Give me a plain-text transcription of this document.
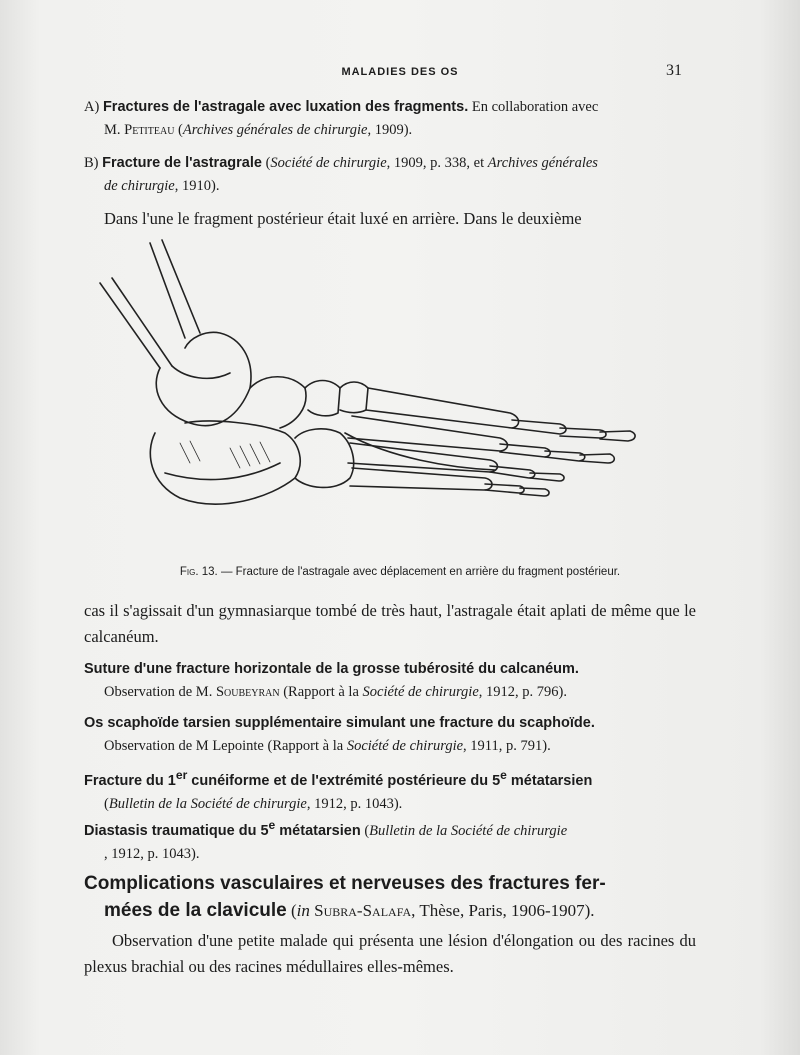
MALADIES DES OS	31
A) Fractures de l'astragale avec luxation des fragments. En collaboration avec
M. Petiteau (Archives générales de chirurgie, 1909).
B) Fracture de l'astragrale (Société de chirurgie, 1909, p. 338, et Archives générales
de chirurgie, 1910).
Dans l'une le fragment postérieur était luxé en arrière. Dans le deuxième
Fig. 13. — Fracture de l'astragale avec déplacement en arrière du fragment postérieur.
cas il s'agissait d'un gymnasiarque tombé de très haut, l'astragale était aplati de même que le calcanéum.
Suture d'une fracture horizontale de la grosse tubérosité du calcanéum.
Observation de M. Soubeyran (Rapport à la Société de chirurgie, 1912, p. 796).
Os scaphoïde tarsien supplémentaire simulant une fracture du scaphoïde.
Observation de M Lepointe (Rapport à la Société de chirurgie, 1911, p. 791).
Fracture du 1er cunéiforme et de l'extrémité postérieure du 5e métatarsien
(Bulletin de la Société de chirurgie, 1912, p. 1043).
Diastasis traumatique du 5e métatarsien (Bulletin de la Société de chirurgie
, 1912, p. 1043).
Complications vasculaires et nerveuses des fractures fer-
mées de la clavicule (in Subra-Salafa, Thèse, Paris, 1906-1907).
Observation d'une petite malade qui présenta une lésion d'élongation ou des racines du plexus brachial ou des racines médullaires elles-mêmes.
